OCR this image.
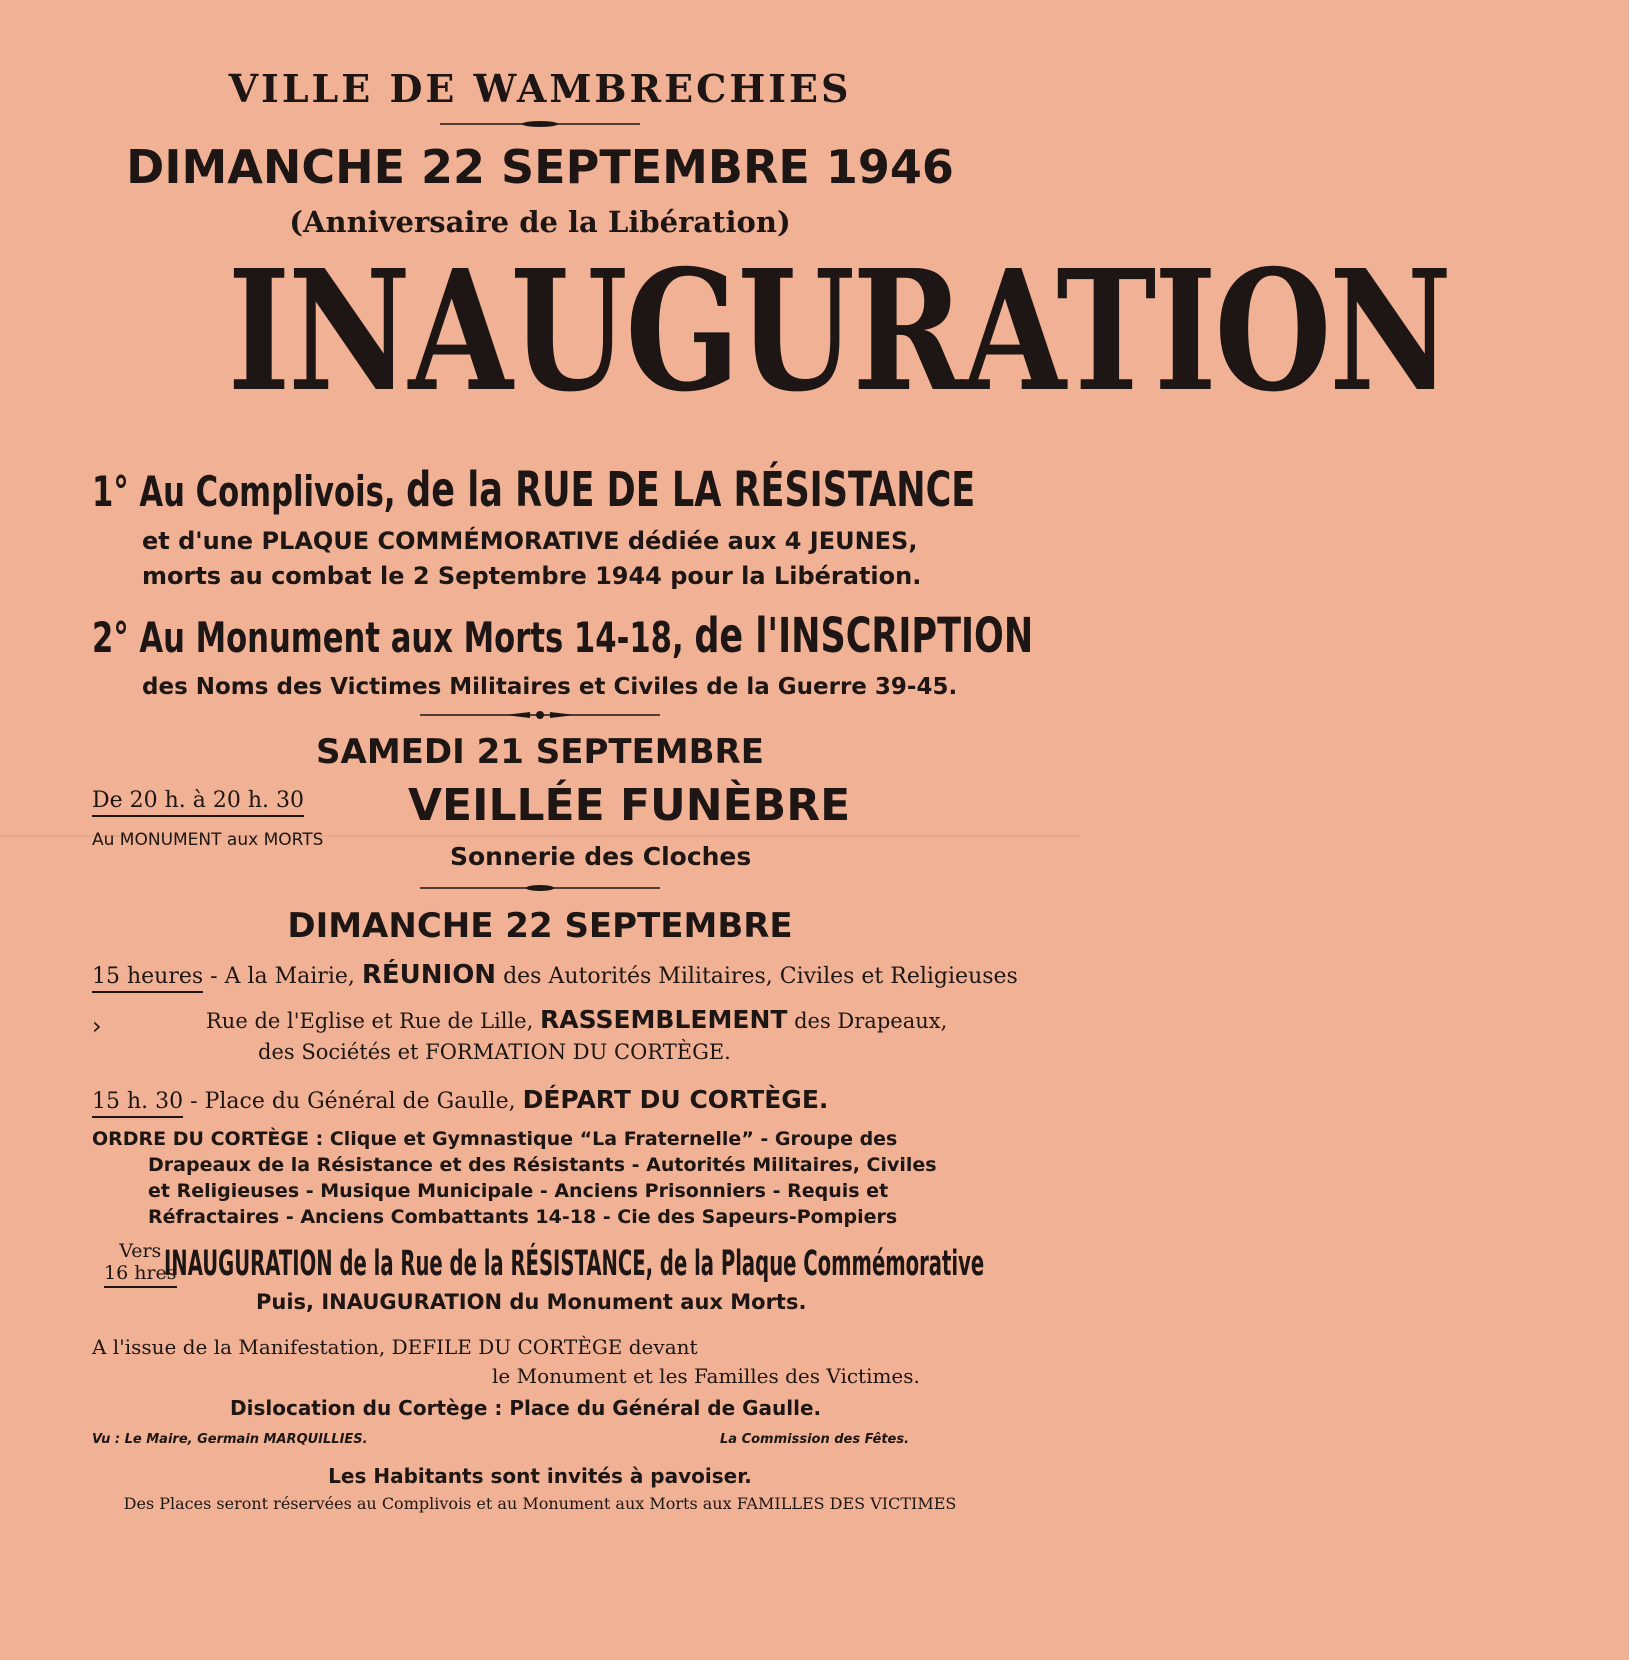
VILLE DE WAMBRECHIES
DIMANCHE 22 SEPTEMBRE 1946
(Anniversaire de la Libération)
INAUGURATION
1° Au Complivois, de la RUE DE LA RÉSISTANCE
et d'une PLAQUE COMMÉMORATIVE dédiée aux 4 JEUNES,
morts au combat le 2 Septembre 1944 pour la Libération.
2° Au Monument aux Morts 14-18, de l'INSCRIPTION
des Noms des Victimes Militaires et Civiles de la Guerre 39-45.
SAMEDI 21 SEPTEMBRE
De 20 h. à 20 h. 30
Au MONUMENT aux MORTS
VEILLÉE FUNÈBRE
Sonnerie des Cloches
DIMANCHE 22 SEPTEMBRE
15 heures - A la Mairie, RÉUNION des Autorités Militaires, Civiles et Religieuses
›	Rue de l'Eglise et Rue de Lille, RASSEMBLEMENT des Drapeaux,
des Sociétés et FORMATION DU CORTÈGE.
15 h. 30 - Place du Général de Gaulle, DÉPART DU CORTÈGE.
ORDRE DU CORTÈGE : Clique et Gymnastique “La Fraternelle” - Groupe des
Drapeaux de la Résistance et des Résistants - Autorités Militaires, Civiles
et Religieuses - Musique Municipale - Anciens Prisonniers - Requis et
Réfractaires - Anciens Combattants 14-18 - Cie des Sapeurs-Pompiers
Vers
16 hres
INAUGURATION de la Rue de la RÉSISTANCE, de la Plaque Commémorative
Puis, INAUGURATION du Monument aux Morts.
A l'issue de la Manifestation, DEFILE DU CORTÈGE devant
le Monument et les Familles des Victimes.
Dislocation du Cortège : Place du Général de Gaulle.
Vu : Le Maire, Germain MARQUILLIES.	La Commission des Fêtes.
Les Habitants sont invités à pavoiser.
Des Places seront réservées au Complivois et au Monument aux Morts aux FAMILLES DES VICTIMES
